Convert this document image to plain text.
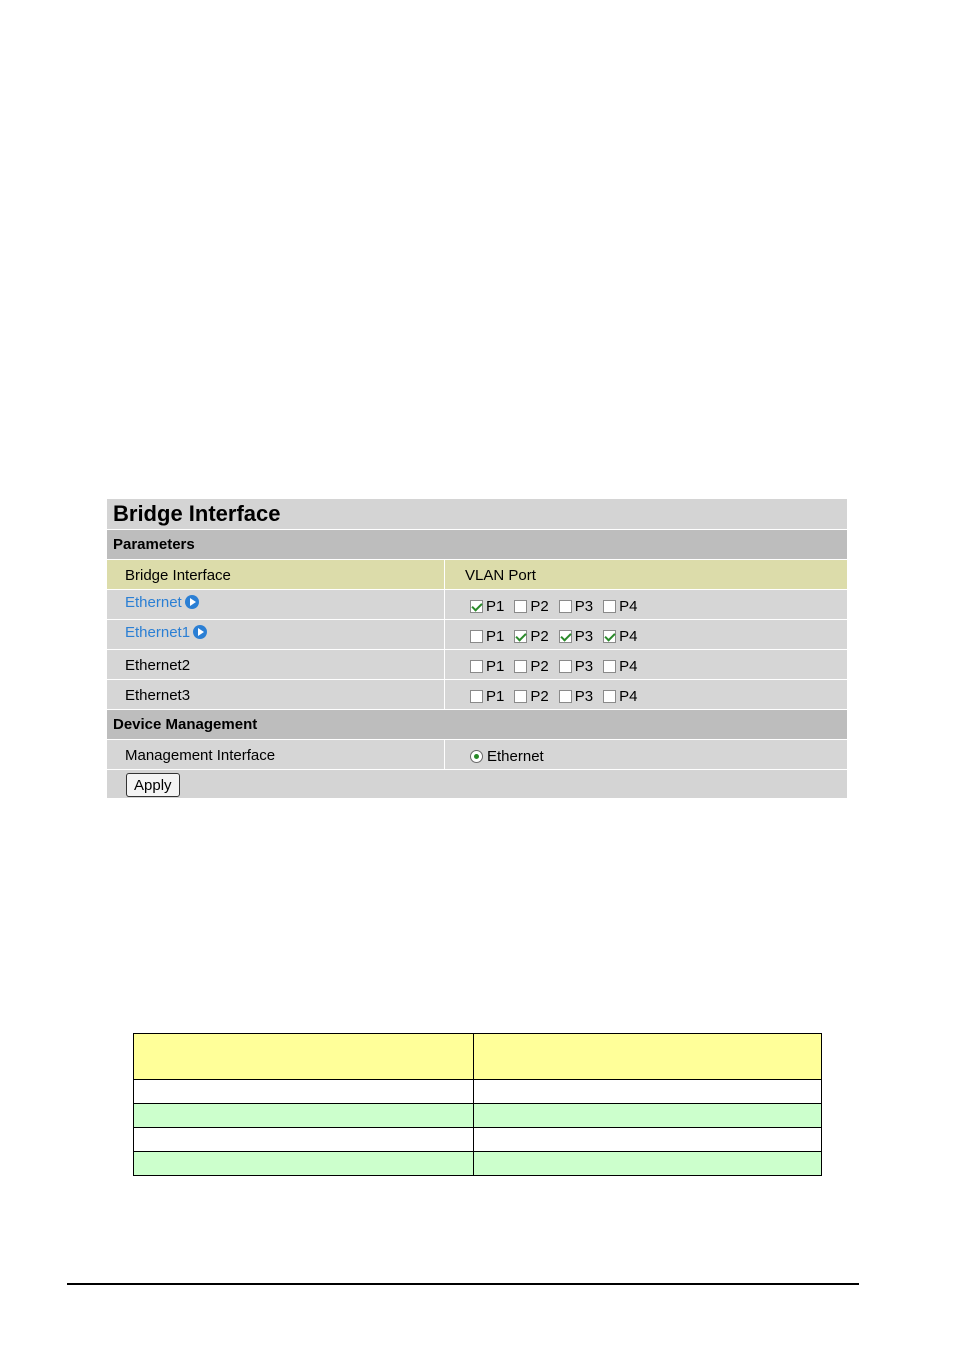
Bridge Interface
Parameters
Bridge Interface	VLAN Port
Ethernet	P1 P2 P3 P4
Ethernet1	P1 P2 P3 P4
Ethernet2	P1 P2 P3 P4
Ethernet3	P1 P2 P3 P4
Device Management
Management Interface	Ethernet
Apply
